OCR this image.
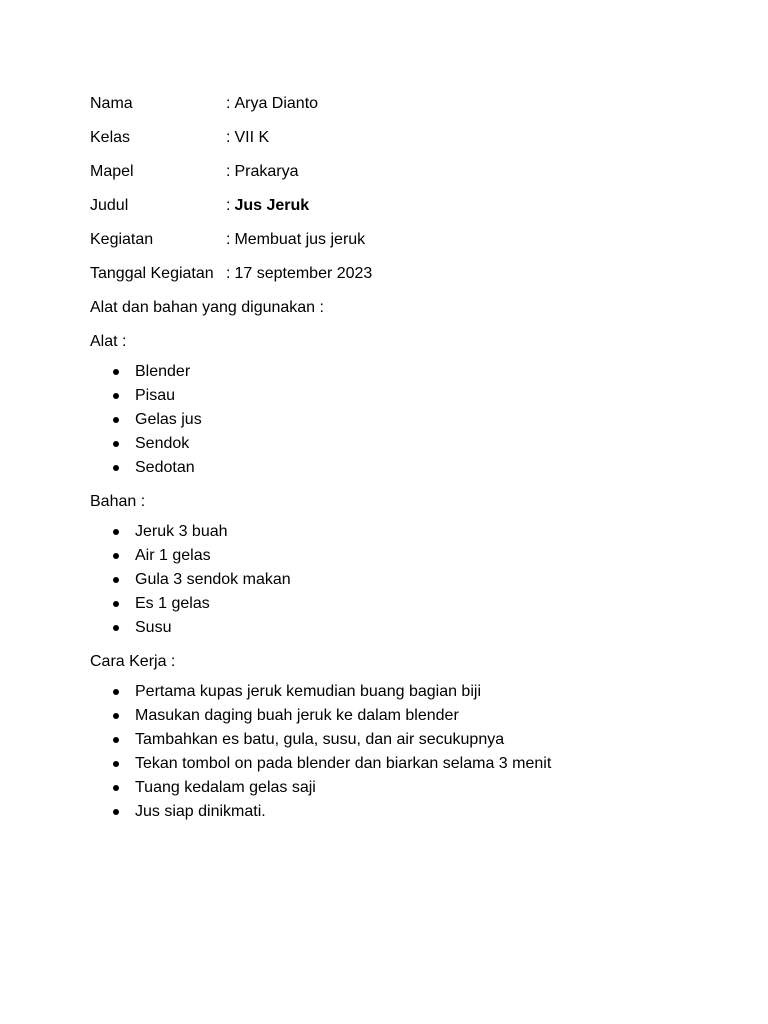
Nama	: Arya Dianto
Kelas	: VII K
Mapel	: Prakarya
Judul	: Jus Jeruk
Kegiatan	: Membuat jus jeruk
Tanggal Kegiatan : 17 september 2023
Alat dan bahan yang digunakan :
Alat :
Blender
Pisau
Gelas jus
Sendok
Sedotan
Bahan :
Jeruk 3 buah
Air 1 gelas
Gula 3 sendok makan
Es 1 gelas
Susu
Cara Kerja :
Pertama kupas jeruk kemudian buang bagian biji
Masukan daging buah jeruk ke dalam blender
Tambahkan es batu, gula, susu, dan air secukupnya
Tekan tombol on pada blender dan biarkan selama 3 menit
Tuang kedalam gelas saji
Jus siap dinikmati.
